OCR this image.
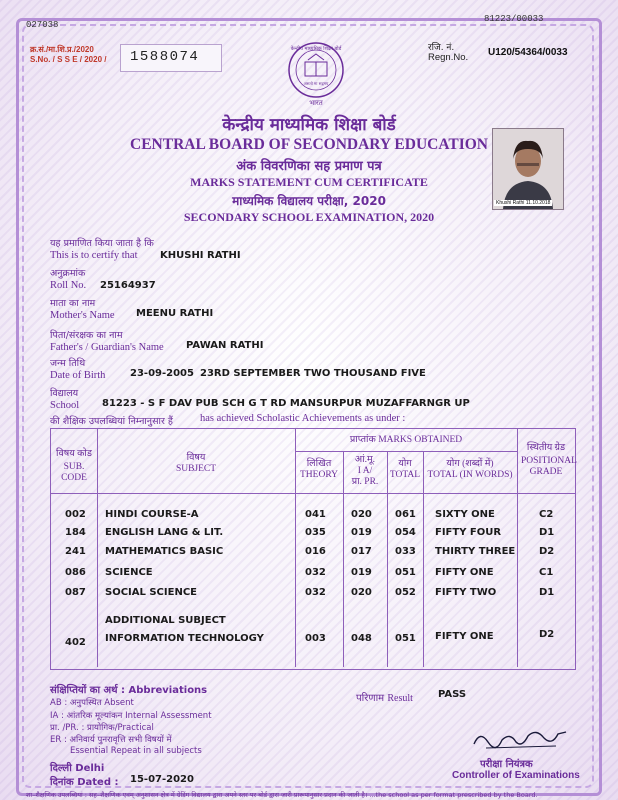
027038
81223/00033
क्र.सं./मा.शि.प्र./2020
S.No. / S S E / 2020 / 1588074
रजि. नं.
Regn.No. U120/54364/0033
केन्द्रीय माध्यमिक शिक्षा बोर्ड
असतो मा सद्गमय
भारत
केन्द्रीय माध्यमिक शिक्षा बोर्ड
CENTRAL BOARD OF SECONDARY EDUCATION
अंक विवरणिका सह प्रमाण पत्र
MARKS STATEMENT CUM CERTIFICATE
माध्यमिक विद्यालय परीक्षा, 2020
SECONDARY SCHOOL EXAMINATION, 2020
Khushi Rathi 11.10.2018
यह प्रमाणित किया जाता है कि
This is to certify that KHUSHI RATHI
अनुक्रमांक
Roll No. 25164937
माता का नाम
Mother's Name MEENU RATHI
पिता/संरक्षक का नाम
Father's / Guardian's Name PAWAN RATHI
जन्म तिथि
Date of Birth 23-09-2005 23RD SEPTEMBER TWO THOUSAND FIVE
विद्यालय
School 81223 - S F DAV PUB SCH G T RD MANSURPUR MUZAFFARNGR UP
की शैक्षिक उपलब्धियां निम्नानुसार हैं	has achieved Scholastic Achievements as under :
विषय कोड
SUB. CODE
विषय
SUBJECT
प्राप्तांक MARKS OBTAINED
लिखित
THEORY
आं.मू.
I A/
प्रा. PR.
योग
TOTAL
योग (शब्दों में)
TOTAL (IN WORDS)
स्थितीय ग्रेड
POSITIONAL GRADE
002 HINDI COURSE-A	041	020 061 SIXTY ONE	C2
184 ENGLISH LANG & LIT.	035	019 054 FIFTY FOUR	D1
241 MATHEMATICS BASIC	016	017 033 THIRTY THREE D2
086 SCIENCE	032	019 051 FIFTY ONE	C1
087 SOCIAL SCIENCE	032	020 052 FIFTY TWO	D1
ADDITIONAL SUBJECT
402 INFORMATION TECHNOLOGY	003	048 051 FIFTY ONE	D2
संक्षिप्तियों का अर्थ : Abbreviations
AB : अनुपस्थित Absent
IA : आंतरिक मूल्यांकन Internal Assessment
प्रा. /PR. : प्रायोगिक/Practical
ER : अनिवार्य पुनरावृत्ति सभी विषयों में
Essential Repeat in all subjects
परिणाम Result	PASS
दिल्ली Delhi
दिनांक Dated : 15-07-2020
परीक्षा नियंत्रक
Controller of Examinations
शा–शैक्षणिक उपलब्धियां : सह–शैक्षणिक एवम् अनुशासन क्षेत्र में ग्रेडिंग विद्यालय द्वारा अपने स्तर पर बोर्ड द्वारा जारी प्रारूपानुसार प्रदान की जाती है। ...the school as per format prescribed by the Board.
